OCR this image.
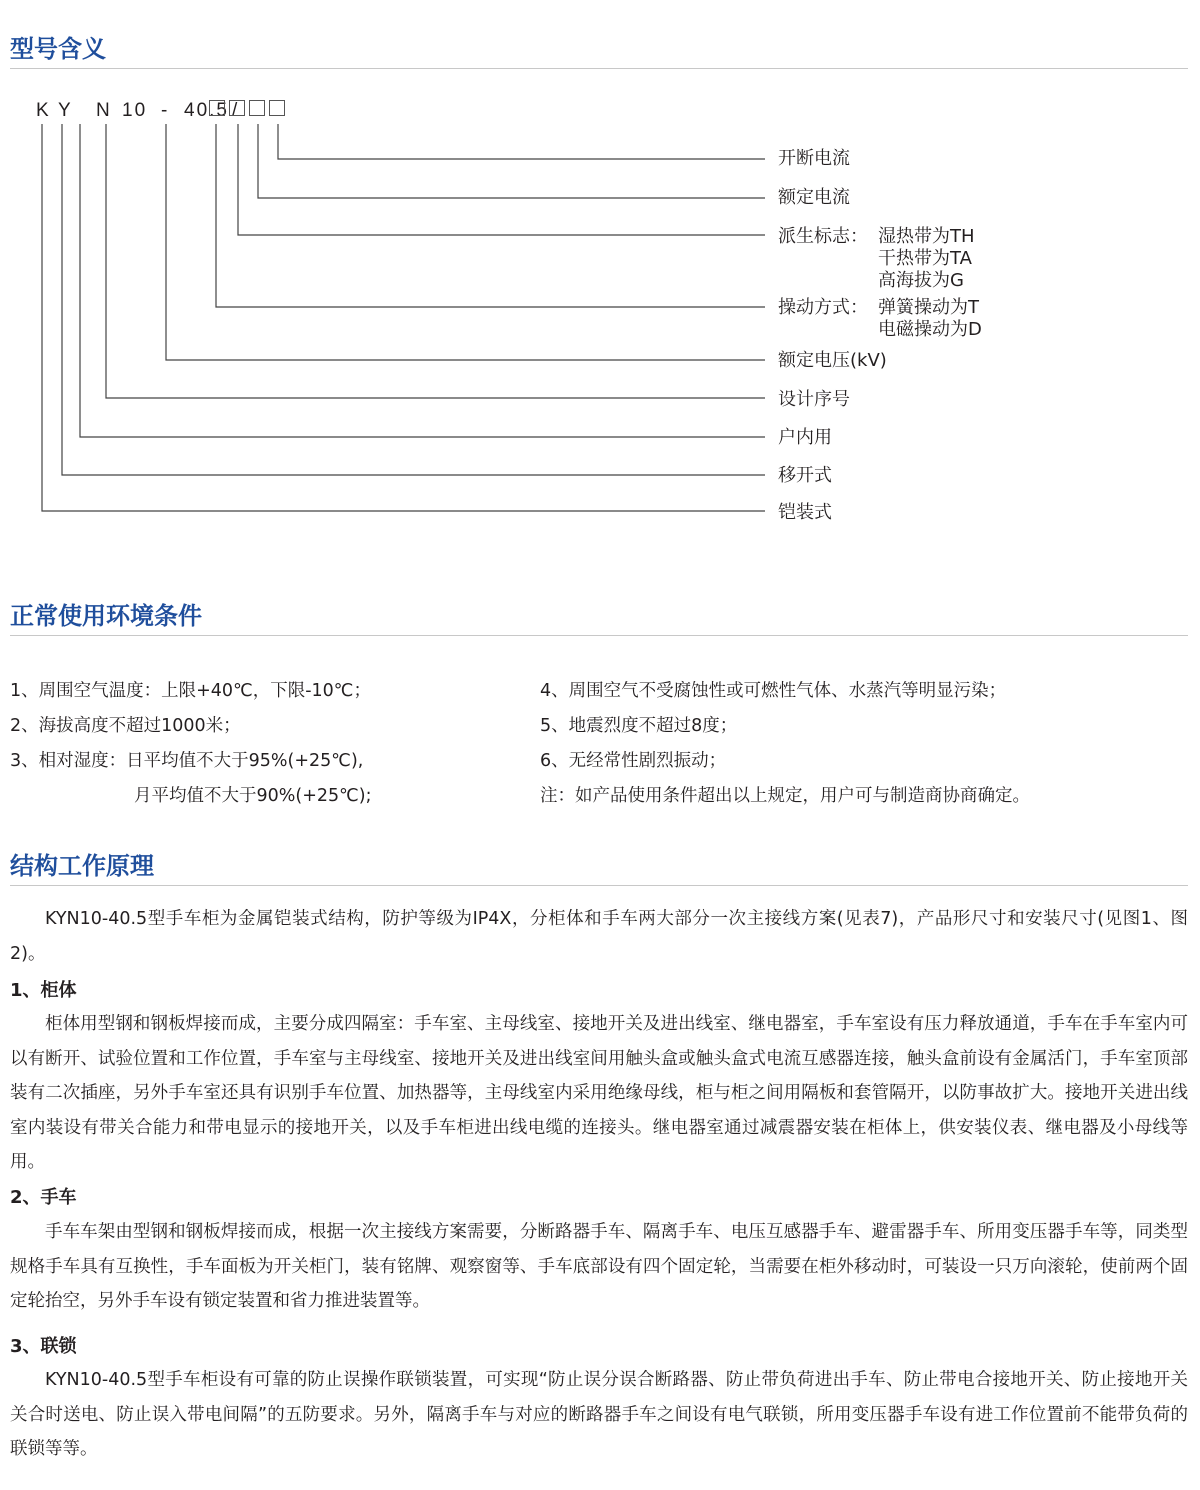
型号含义
K Y N 10 - 40.5 /
开断电流
额定电流
派生标志： 湿热带为TH
干热带为TA
高海拔为G
操动方式： 弹簧操动为T
电磁操动为D
额定电压(kV)
设计序号
户内用
移开式
铠装式
正常使用环境条件
1、周围空气温度：上限+40℃，下限-10℃；
2、海拔高度不超过1000米；
3、相对湿度：日平均值不大于95%(+25℃),
月平均值不大于90%(+25℃);
4、周围空气不受腐蚀性或可燃性气体、水蒸汽等明显污染；
5、地震烈度不超过8度；
6、无经常性剧烈振动；
注：如产品使用条件超出以上规定，用户可与制造商协商确定。
结构工作原理

KYN10-40.5型手车柜为金属铠装式结构，防护等级为IP4X，分柜体和手车两大部分一次主接线方案(见表7)，产品形尺寸和安装尺寸(见图1、图2)。

1、柜体

柜体用型钢和钢板焊接而成，主要分成四隔室：手车室、主母线室、接地开关及进出线室、继电器室，手车室设有压力释放通道，手车在手车室内可以有断开、试验位置和工作位置，手车室与主母线室、接地开关及进出线室间用触头盒或触头盒式电流互感器连接，触头盒前设有金属活门，手车室顶部装有二次插座，另外手车室还具有识别手车位置、加热器等，主母线室内采用绝缘母线，柜与柜之间用隔板和套管隔开，以防事故扩大。接地开关进出线室内装设有带关合能力和带电显示的接地开关，以及手车柜进出线电缆的连接头。继电器室通过减震器安装在柜体上，供安装仪表、继电器及小母线等用。

2、手车

手车车架由型钢和钢板焊接而成，根据一次主接线方案需要，分断路器手车、隔离手车、电压互感器手车、避雷器手车、所用变压器手车等，同类型规格手车具有互换性，手车面板为开关柜门，装有铭牌、观察窗等、手车底部设有四个固定轮，当需要在柜外移动时，可装设一只万向滚轮，使前两个固定轮抬空，另外手车设有锁定装置和省力推进装置等。

3、联锁

KYN10-40.5型手车柜设有可靠的防止误操作联锁装置，可实现“防止误分误合断路器、防止带负荷进出手车、防止带电合接地开关、防止接地开关关合时送电、防止误入带电间隔”的五防要求。另外，隔离手车与对应的断路器手车之间设有电气联锁，所用变压器手车设有进工作位置前不能带负荷的联锁等等。
